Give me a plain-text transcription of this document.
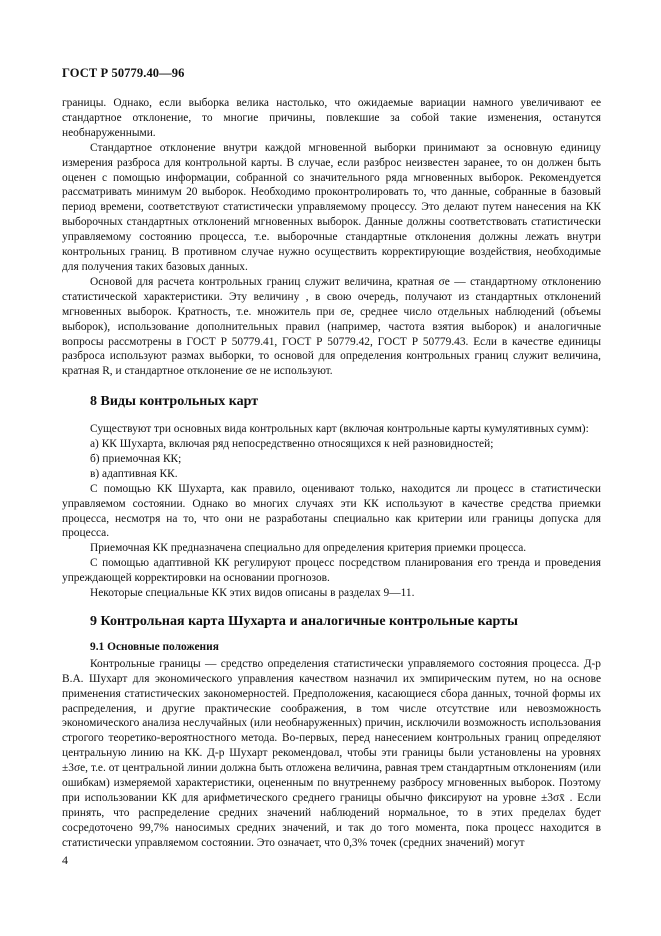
ГОСТ Р 50779.40—96

границы. Однако, если выборка велика настолько, что ожидаемые вариации намного увеличивают ее стандартное отклонение, то многие причины, повлекшие за собой такие изменения, останутся необнаруженными.

Стандартное отклонение внутри каждой мгновенной выборки принимают за основную единицу измерения разброса для контрольной карты. В случае, если разброс неизвестен заранее, то он должен быть оценен с помощью информации, собранной со значительного ряда мгновенных выборок. Рекомендуется рассматривать минимум 20 выборок. Необходимо проконтролировать то, что данные, собранные в базовый период времени, соответствуют статистически управляемому процессу. Это делают путем нанесения на КК выборочных стандартных отклонений мгновенных выборок. Данные должны соответствовать статистически управляемому состоянию процесса, т.е. выборочные стандартные отклонения должны лежать внутри контрольных границ. В противном случае нужно осуществить корректирующие воздействия, необходимые для получения таких базовых данных.

Основой для расчета контрольных границ служит величина, кратная σe — стандартному отклонению статистической характеристики. Эту величину , в свою очередь, получают из стандартных отклонений мгновенных выборок. Кратность, т.е. множитель при σe, среднее число отдельных наблюдений (объемы выборок), использование дополнительных правил (например, частота взятия выборок) и аналогичные вопросы рассмотрены в ГОСТ Р 50779.41, ГОСТ Р 50779.42, ГОСТ Р 50779.43. Если в качестве единицы разброса используют размах выборки, то основой для определения контрольных границ служит величина, кратная R, и стандартное отклонение σe не используют.

8 Виды контрольных карт

Существуют три основных вида контрольных карт (включая контрольные карты кумулятивных сумм):

а) КК Шухарта, включая ряд непосредственно относящихся к ней разновидностей;

б) приемочная КК;

в) адаптивная КК.

С помощью КК Шухарта, как правило, оценивают только, находится ли процесс в статистически управляемом состоянии. Однако во многих случаях эти КК используют в качестве средства приемки процесса, несмотря на то, что они не разработаны специально как критерии или границы допуска для процесса.

Приемочная КК предназначена специально для определения критерия приемки процесса.

С помощью адаптивной КК регулируют процесс посредством планирования его тренда и проведения упреждающей корректировки на основании прогнозов.

Некоторые специальные КК этих видов описаны в разделах 9—11.

9 Контрольная карта Шухарта и аналогичные контрольные карты
9.1 Основные положения

Контрольные границы — средство определения статистически управляемого состояния процесса. Д-р В.А. Шухарт для экономического управления качеством назначил их эмпирическим путем, но на основе применения статистических закономерностей. Предположения, касающиеся сбора данных, точной формы их распределения, и другие практические соображения, в том числе отсутствие или невозможность экономического анализа неслучайных (или необнаруженных) причин, исключили возможность использования строгого теоретико-вероятностного метода. Во-первых, перед нанесением контрольных границ определяют центральную линию на КК. Д-р Шухарт рекомендовал, чтобы эти границы были установлены на уровнях ±3σe, т.е. от центральной линии должна быть отложена величина, равная трем стандартным отклонениям (или ошибкам) измеряемой характеристики, оцененным по внутреннему разбросу мгновенных выборок. Поэтому при использовании КК для арифметического среднего границы обычно фиксируют на уровне ±3σx̄ . Если принять, что распределение средних значений наблюдений нормальное, то в этих пределах будет сосредоточено 99,7% наносимых средних значений, и так до того момента, пока процесс находится в статистически управляемом состоянии. Это означает, что 0,3% точек (средних значений) могут

4
